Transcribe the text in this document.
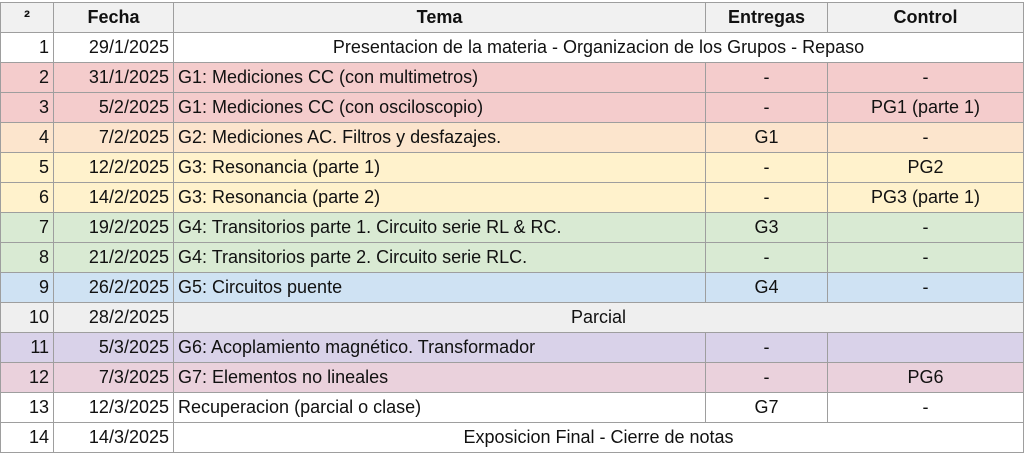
²	Fecha	Tema	Entregas	Control
1	29/1/2025	Presentacion de la materia - Organizacion de los Grupos - Repaso		
2	31/1/2025	G1: Mediciones CC (con multimetros)	-	-
3	5/2/2025	G1: Mediciones CC (con osciloscopio)	-	PG1 (parte 1)
4	7/2/2025	G2: Mediciones AC. Filtros y desfazajes.	G1	-
5	12/2/2025	G3: Resonancia (parte 1)	-	PG2
6	14/2/2025	G3: Resonancia (parte 2)	-	PG3 (parte 1)
7	19/2/2025	G4: Transitorios parte 1. Circuito serie RL & RC.	G3	-
8	21/2/2025	G4: Transitorios parte 2. Circuito serie RLC.	-	-
9	26/2/2025	G5: Circuitos puente	G4	-
10	28/2/2025	Parcial		
11	5/3/2025	G6: Acoplamiento magnético. Transformador	-	
12	7/3/2025	G7: Elementos no lineales	-	PG6
13	12/3/2025	Recuperacion (parcial o clase)	G7	-
14	14/3/2025	Exposicion Final - Cierre de notas		
